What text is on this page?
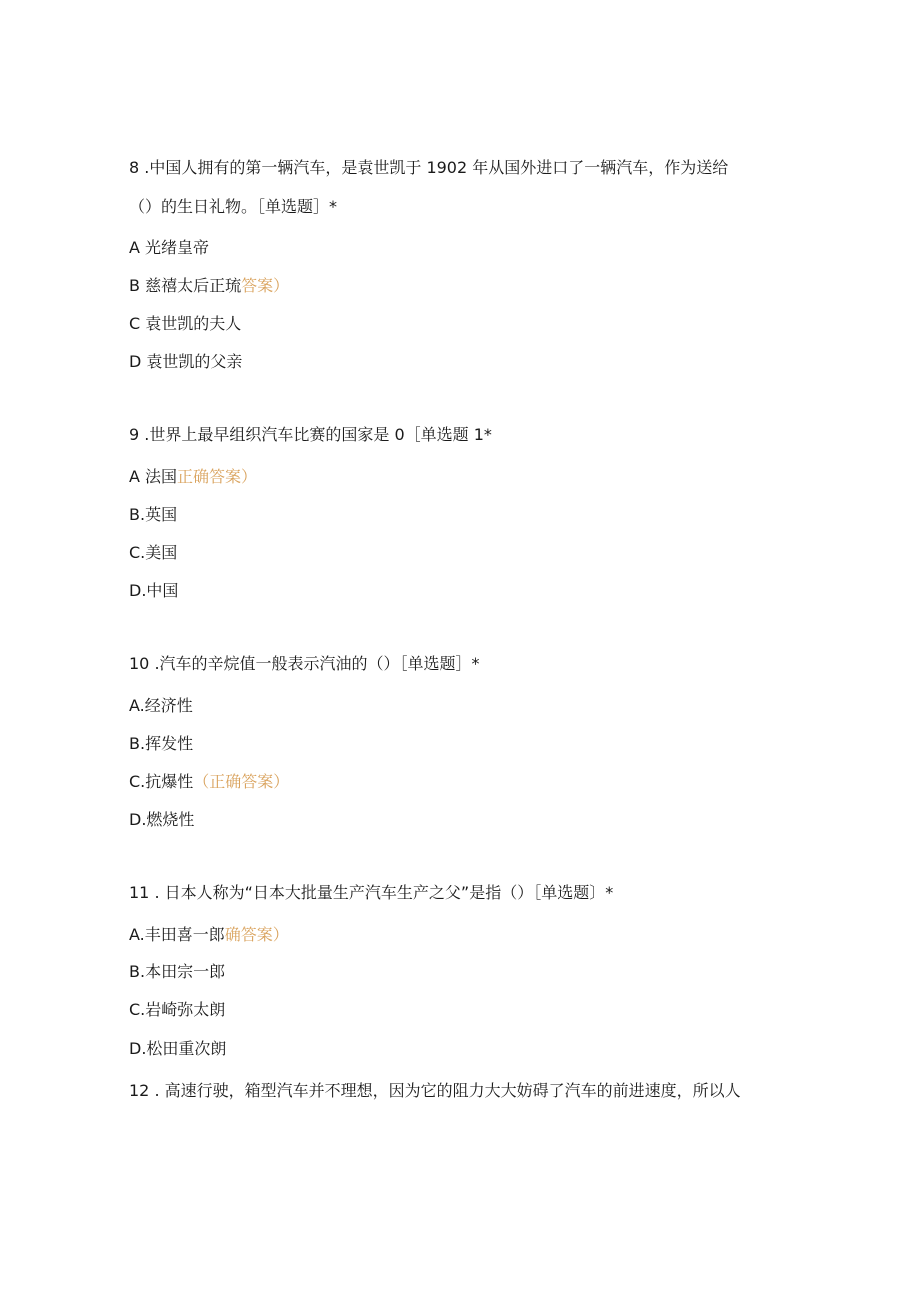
8 .中国人拥有的第一辆汽车，是袁世凯于 1902 年从国外进口了一辆汽车，作为送给
（）的生日礼物。［单选题］*
A 光绪皇帝
B 慈禧太后正琉答案）
C 袁世凯的夫人
D 袁世凯的父亲
9 .世界上最早组织汽车比赛的国家是 0［单选题 1*
A 法国正确答案）
B.英国
C.美国
D.中国
10 .汽车的辛烷值一般表示汽油的（）［单选题］*
A.经济性
B.挥发性
C.抗爆性（正确答案）
D.燃烧性
11 . 日本人称为“日本大批量生产汽车生产之父”是指（）［单选题〕*
A.丰田喜一郎确答案）
B.本田宗一郎
C.岩崎弥太朗
D.松田重次朗
12 . 高速行驶，箱型汽车并不理想，因为它的阻力大大妨碍了汽车的前进速度，所以人
